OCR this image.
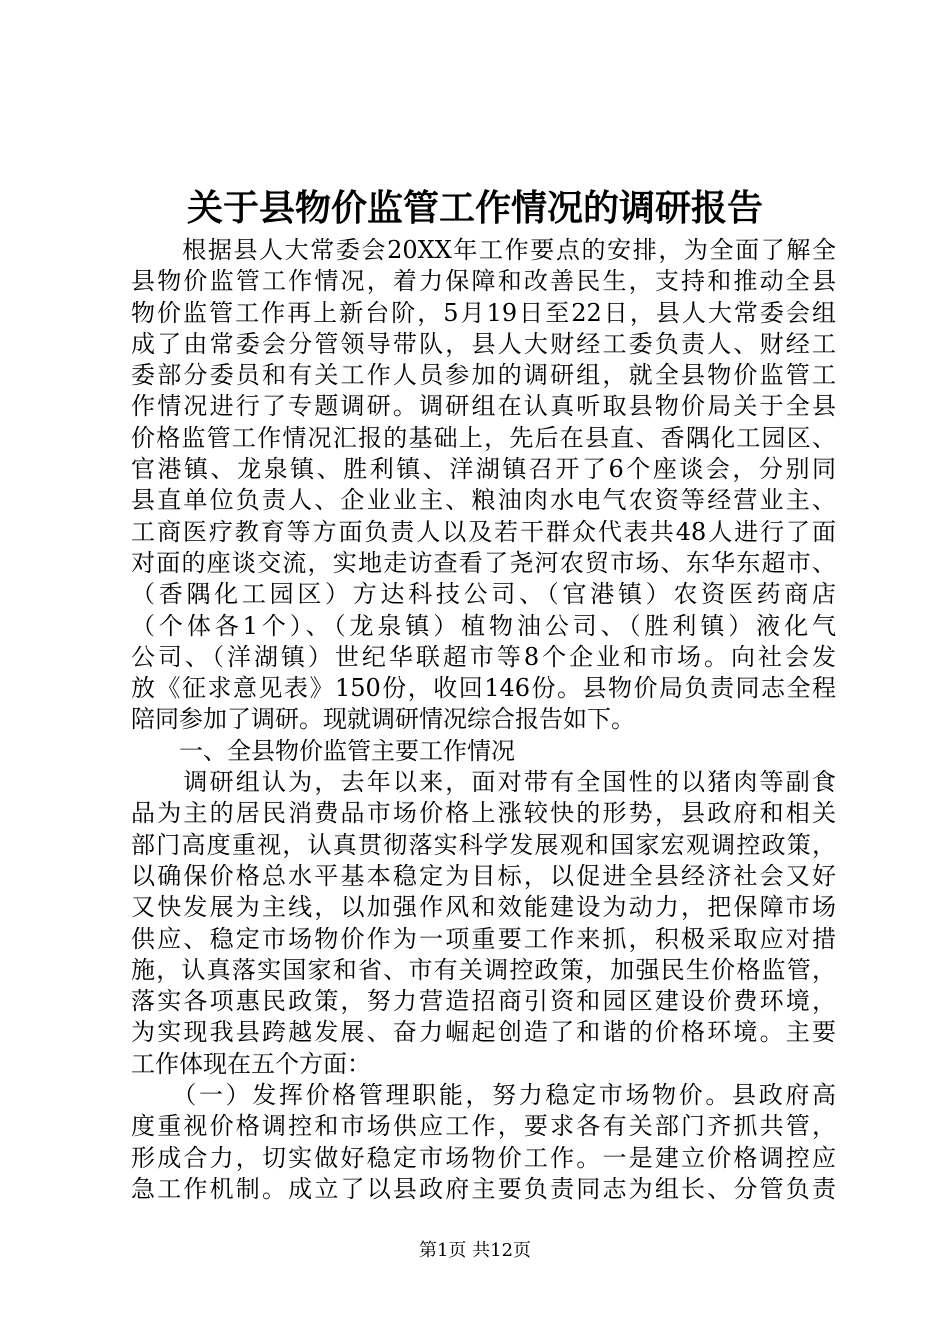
关于县物价监管工作情况的调研报告
　　根据县人大常委会20XX年工作要点的安排，为全面了解全
县物价监管工作情况，着力保障和改善民生，支持和推动全县
物价监管工作再上新台阶，5月19日至22日，县人大常委会组
成了由常委会分管领导带队，县人大财经工委负责人、财经工
委部分委员和有关工作人员参加的调研组，就全县物价监管工
作情况进行了专题调研。调研组在认真听取县物价局关于全县
价格监管工作情况汇报的基础上，先后在县直、香隅化工园区、
官港镇、龙泉镇、胜利镇、洋湖镇召开了6个座谈会，分别同
县直单位负责人、企业业主、粮油肉水电气农资等经营业主、
工商医疗教育等方面负责人以及若干群众代表共48人进行了面
对面的座谈交流，实地走访查看了尧河农贸市场、东华东超市、
（香隅化工园区）方达科技公司、（官港镇）农资医药商店
（个体各1个）、（龙泉镇）植物油公司、（胜利镇）液化气
公司、（洋湖镇）世纪华联超市等8个企业和市场。向社会发
放《征求意见表》150份，收回146份。县物价局负责同志全程
陪同参加了调研。现就调研情况综合报告如下。
　　一、全县物价监管主要工作情况
　　调研组认为，去年以来，面对带有全国性的以猪肉等副食
品为主的居民消费品市场价格上涨较快的形势，县政府和相关
部门高度重视，认真贯彻落实科学发展观和国家宏观调控政策，
以确保价格总水平基本稳定为目标，以促进全县经济社会又好
又快发展为主线，以加强作风和效能建设为动力，把保障市场
供应、稳定市场物价作为一项重要工作来抓，积极采取应对措
施，认真落实国家和省、市有关调控政策，加强民生价格监管，
落实各项惠民政策，努力营造招商引资和园区建设价费环境，
为实现我县跨越发展、奋力崛起创造了和谐的价格环境。主要
工作体现在五个方面：
　　（一）发挥价格管理职能，努力稳定市场物价。县政府高
度重视价格调控和市场供应工作，要求各有关部门齐抓共管，
形成合力，切实做好稳定市场物价工作。一是建立价格调控应
急工作机制。成立了以县政府主要负责同志为组长、分管负责
第1页 共12页
